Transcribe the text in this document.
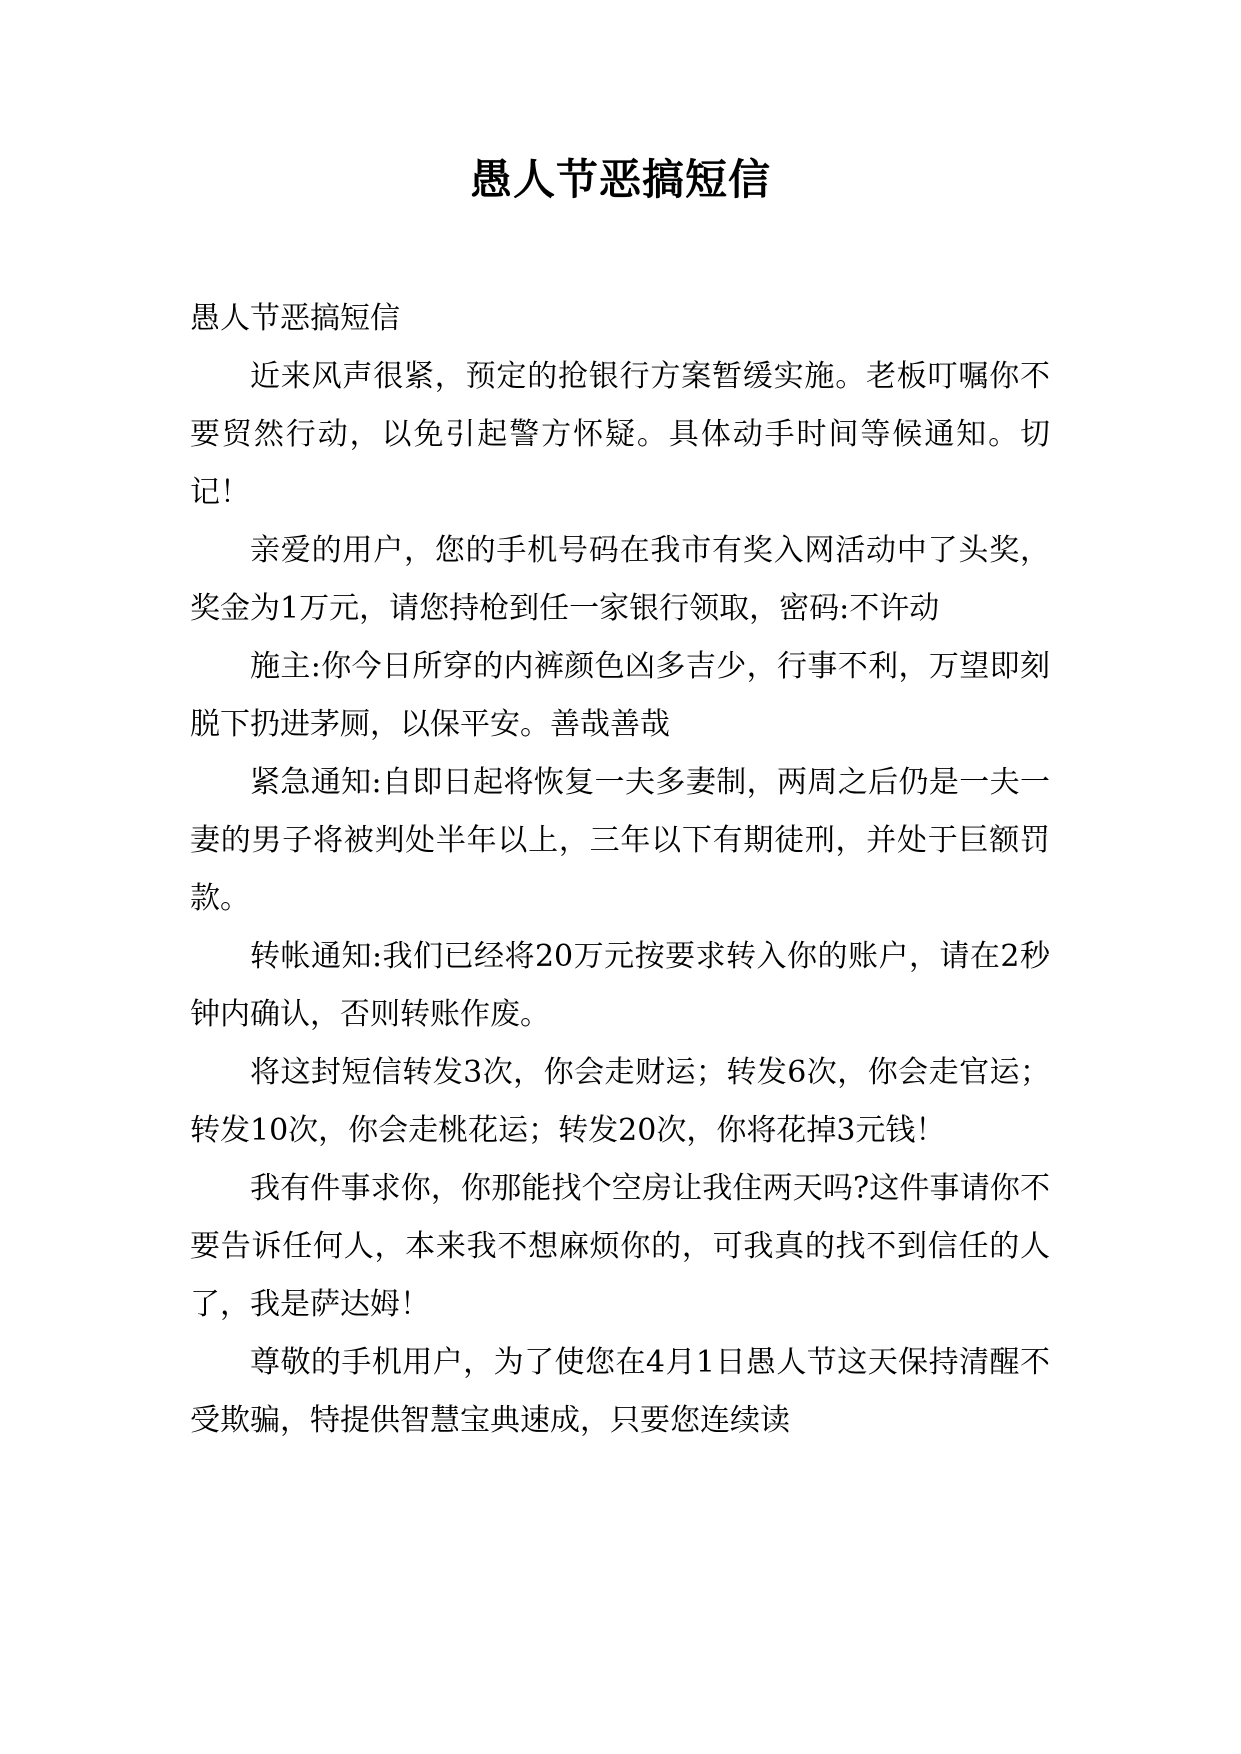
愚人节恶搞短信

愚人节恶搞短信

近来风声很紧，预定的抢银行方案暂缓实施。老板叮嘱你不要贸然行动，以免引起警方怀疑。具体动手时间等候通知。切记！

亲爱的用户，您的手机号码在我市有奖入网活动中了头奖，奖金为1万元，请您持枪到任一家银行领取，密码:不许动

施主:你今日所穿的内裤颜色凶多吉少，行事不利，万望即刻脱下扔进茅厕，以保平安。善哉善哉

紧急通知:自即日起将恢复一夫多妻制，两周之后仍是一夫一妻的男子将被判处半年以上，三年以下有期徒刑，并处于巨额罚款。

转帐通知:我们已经将20万元按要求转入你的账户，请在2秒钟内确认，否则转账作废。

将这封短信转发3次，你会走财运；转发6次，你会走官运；转发10次，你会走桃花运；转发20次，你将花掉3元钱！

我有件事求你，你那能找个空房让我住两天吗?这件事请你不要告诉任何人，本来我不想麻烦你的，可我真的找不到信任的人了，我是萨达姆！

尊敬的手机用户，为了使您在4月1日愚人节这天保持清醒不受欺骗，特提供智慧宝典速成，只要您连续读
